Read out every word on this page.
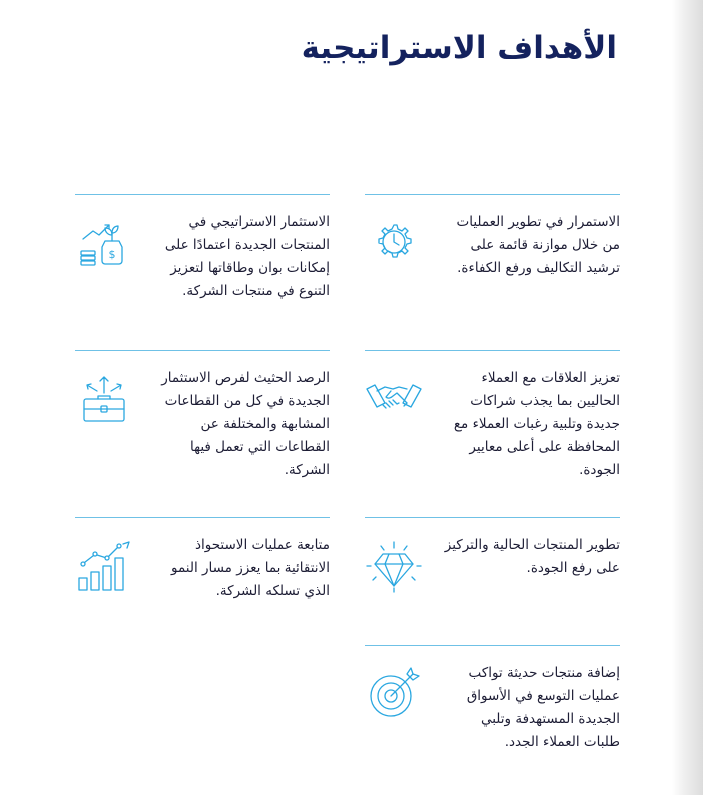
الأهداف الاستراتيجية

الاستمرار في تطوير العمليات من خلال موازنة قائمة على ترشيد التكاليف ورفع الكفاءة.

الاستثمار الاستراتيجي في المنتجات الجديدة اعتمادًا على إمكانات بوان وطاقاتها لتعزيز التنوع في منتجات الشركة.

$

تعزيز العلاقات مع العملاء الحاليين بما يجذب شراكات جديدة وتلبية رغبات العملاء مع المحافظة على أعلى معايير الجودة.

الرصد الحثيث لفرص الاستثمار الجديدة في كل من القطاعات المشابهة والمختلفة عن القطاعات التي تعمل فيها الشركة.

تطوير المنتجات الحالية والتركيز على رفع الجودة.

متابعة عمليات الاستحواذ الانتقائية بما يعزز مسار النمو الذي تسلكه الشركة.

إضافة منتجات حديثة تواكب عمليات التوسع في الأسواق الجديدة المستهدفة وتلبي طلبات العملاء الجدد.
